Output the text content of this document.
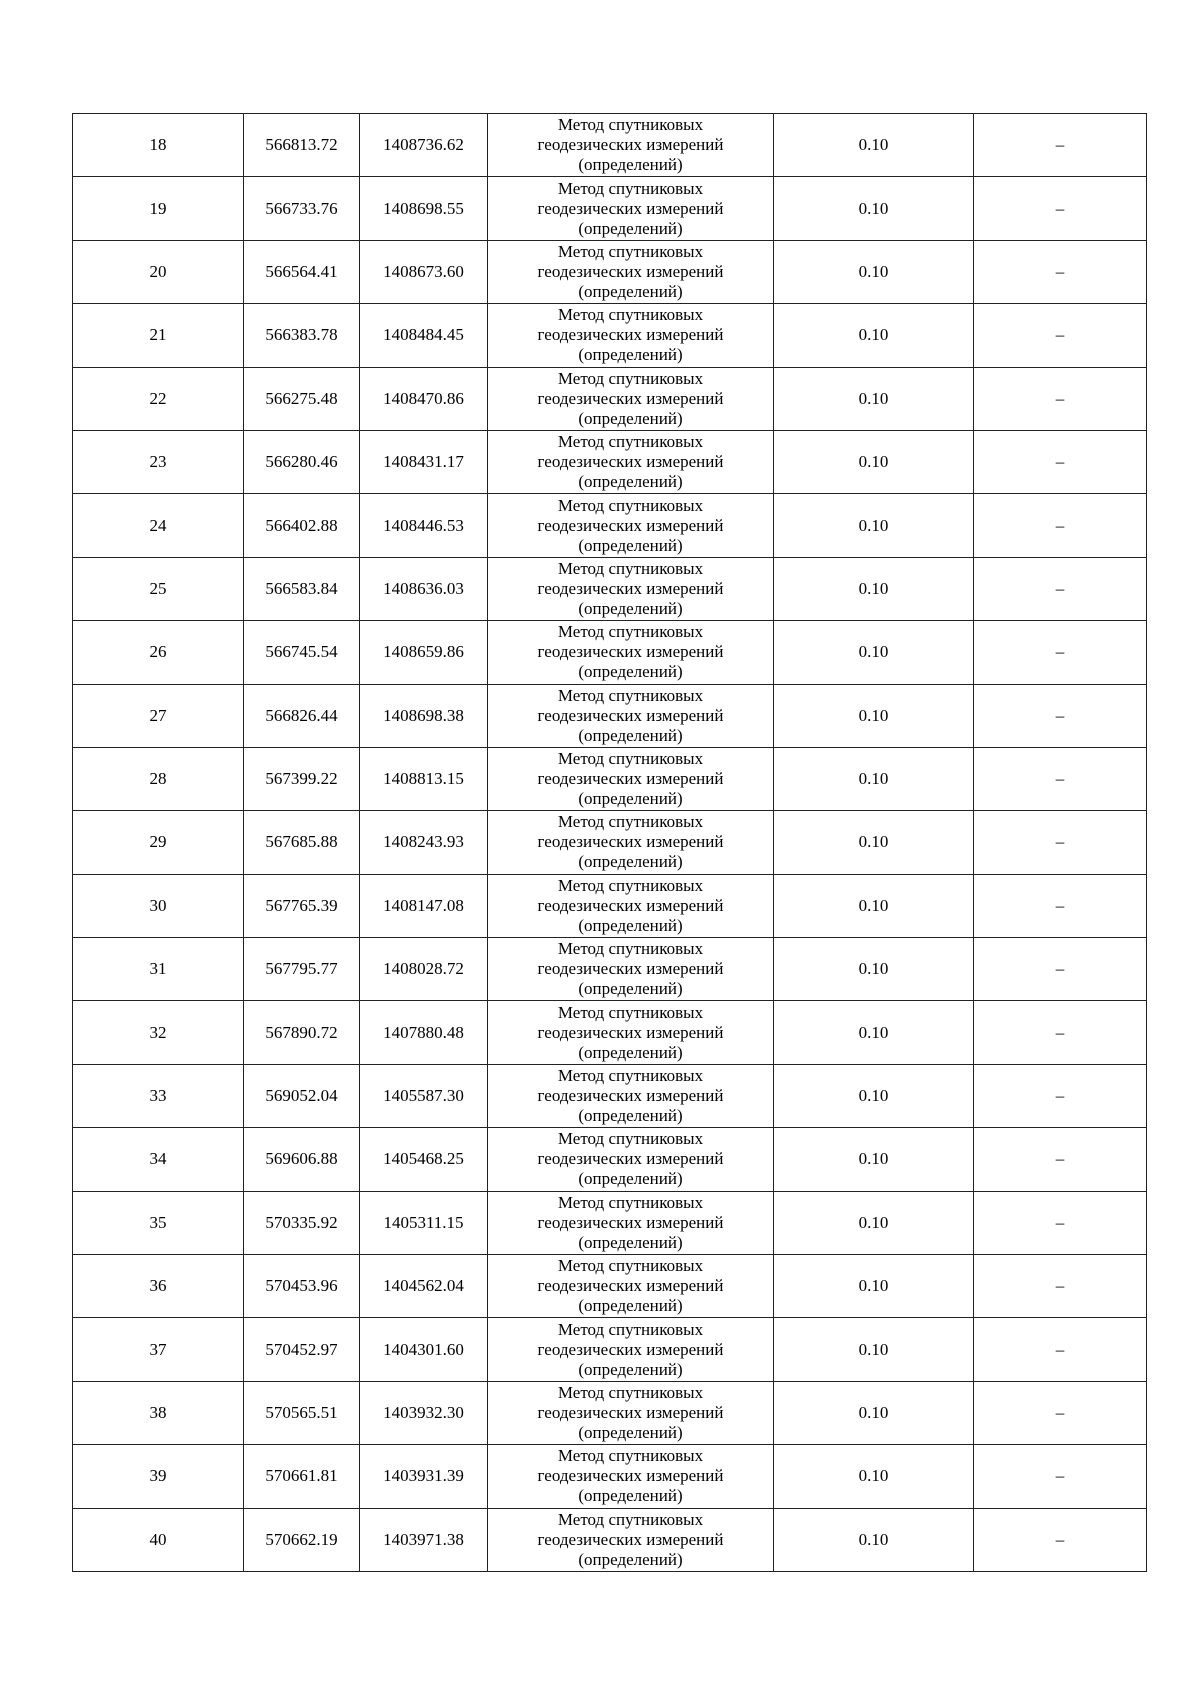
18	566813.72	1408736.62	Метод спутниковых
геодезических измерений
(определений)	0.10	–
19	566733.76	1408698.55	Метод спутниковых
геодезических измерений
(определений)	0.10	–
20	566564.41	1408673.60	Метод спутниковых
геодезических измерений
(определений)	0.10	–
21	566383.78	1408484.45	Метод спутниковых
геодезических измерений
(определений)	0.10	–
22	566275.48	1408470.86	Метод спутниковых
геодезических измерений
(определений)	0.10	–
23	566280.46	1408431.17	Метод спутниковых
геодезических измерений
(определений)	0.10	–
24	566402.88	1408446.53	Метод спутниковых
геодезических измерений
(определений)	0.10	–
25	566583.84	1408636.03	Метод спутниковых
геодезических измерений
(определений)	0.10	–
26	566745.54	1408659.86	Метод спутниковых
геодезических измерений
(определений)	0.10	–
27	566826.44	1408698.38	Метод спутниковых
геодезических измерений
(определений)	0.10	–
28	567399.22	1408813.15	Метод спутниковых
геодезических измерений
(определений)	0.10	–
29	567685.88	1408243.93	Метод спутниковых
геодезических измерений
(определений)	0.10	–
30	567765.39	1408147.08	Метод спутниковых
геодезических измерений
(определений)	0.10	–
31	567795.77	1408028.72	Метод спутниковых
геодезических измерений
(определений)	0.10	–
32	567890.72	1407880.48	Метод спутниковых
геодезических измерений
(определений)	0.10	–
33	569052.04	1405587.30	Метод спутниковых
геодезических измерений
(определений)	0.10	–
34	569606.88	1405468.25	Метод спутниковых
геодезических измерений
(определений)	0.10	–
35	570335.92	1405311.15	Метод спутниковых
геодезических измерений
(определений)	0.10	–
36	570453.96	1404562.04	Метод спутниковых
геодезических измерений
(определений)	0.10	–
37	570452.97	1404301.60	Метод спутниковых
геодезических измерений
(определений)	0.10	–
38	570565.51	1403932.30	Метод спутниковых
геодезических измерений
(определений)	0.10	–
39	570661.81	1403931.39	Метод спутниковых
геодезических измерений
(определений)	0.10	–
40	570662.19	1403971.38	Метод спутниковых
геодезических измерений
(определений)	0.10	–
